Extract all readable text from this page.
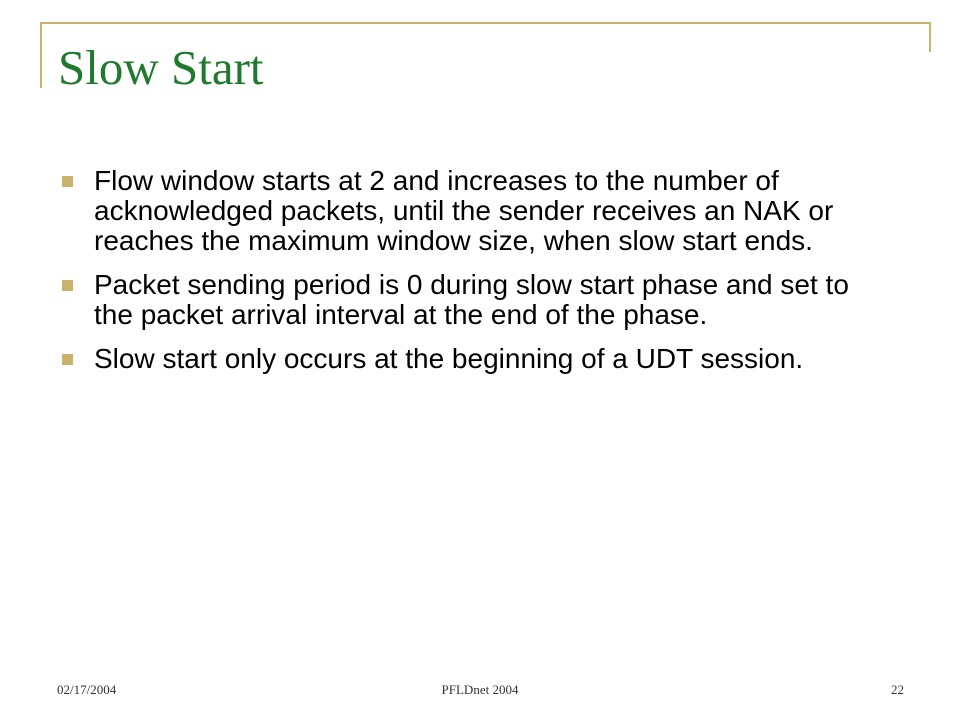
Slow Start
Flow window starts at 2 and increases to the number of acknowledged packets, until the sender receives an NAK or reaches the maximum window size, when slow start ends.
Packet sending period is 0 during slow start phase and set to the packet arrival interval at the end of the phase.
Slow start only occurs at the beginning of a UDT session.
02/17/2004	PFLDnet 2004	22
